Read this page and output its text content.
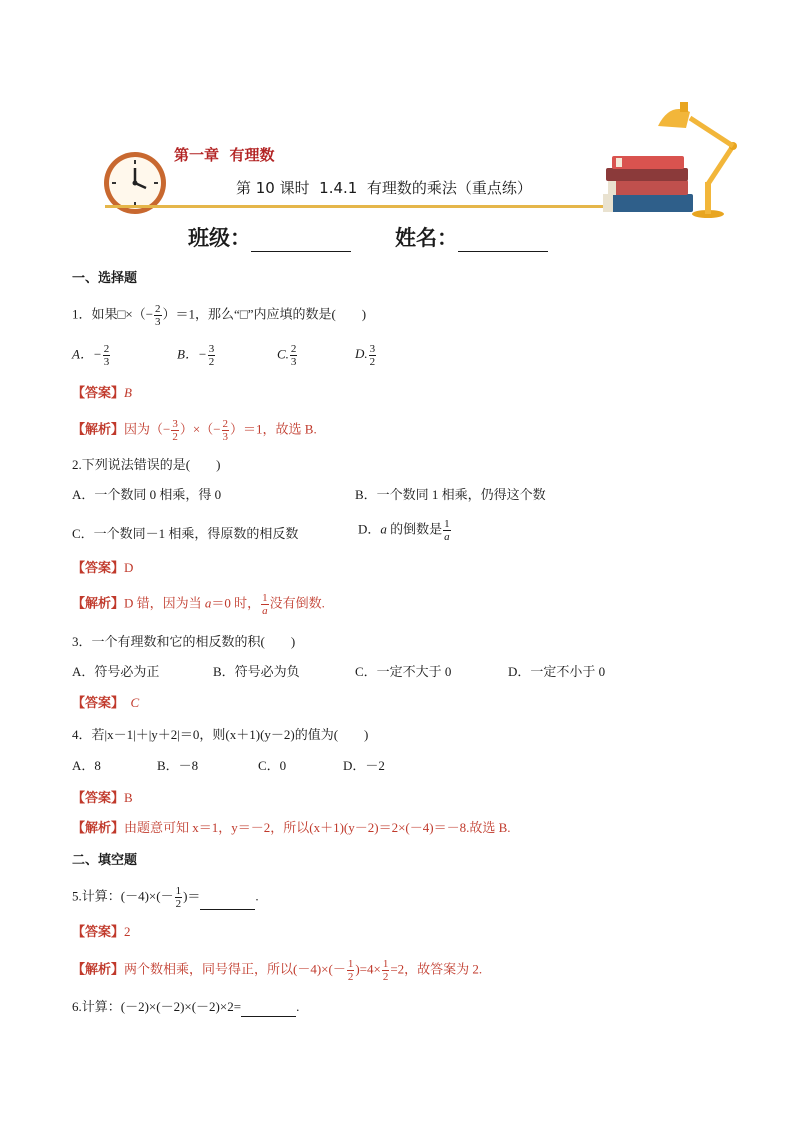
第一章  有理数
第 10 课时  1.4.1  有理数的乘法（重点练）
班级：	姓名：
一、选择题
1．如果□×（− $\frac{2}{3} )=1$，那么“□”内应填的数是(　　)
A．− $\frac{2}{3}$	B．− $\frac{3}{2}$	C. $\frac{2}{3}$	D. $\frac{3}{2}$
【答案】B
【解析】因为（− $\frac{3}{2}$ ）×（− $\frac{2}{3} )=1$，故选 B.
2.下列说法错误的是(　　)
A．一个数同 0 相乘，得 0	B．一个数同 1 相乘，仍得这个数
C．一个数同－1 相乘，得原数的相反数	D．a 的倒数是 $\frac{1}{a}$
【答案】D
【解析】D 错，因为当 a＝0 时， $\frac{1}{a}$ 没有倒数.
3．一个有理数和它的相反数的积(　　)
A．符号必为正	B．符号必为负	C．一定不大于 0	D．一定不小于 0
【答案】 C
4．若|x－1|＋|y＋2|＝0，则(x＋1)(y－2)的值为(　　)
A．8	B．－8	C．0	D．－2
【答案】B
【解析】由题意可知 x＝1，y＝－2，所以(x＋1)(y－2)＝2×(－4)＝－8.故选 B.
二、填空题
5.计算：$(-4)\times(- \frac{1}{2}$ )＝	.
【答案】2
【解析】两个数相乘，同号得正，所以$(-4)\times(- \frac{1}{2} )=4\times \frac{1}{2} =2$，故答案为 2.
6.计算：(－2)×(－2)×(－2)×2=	.
